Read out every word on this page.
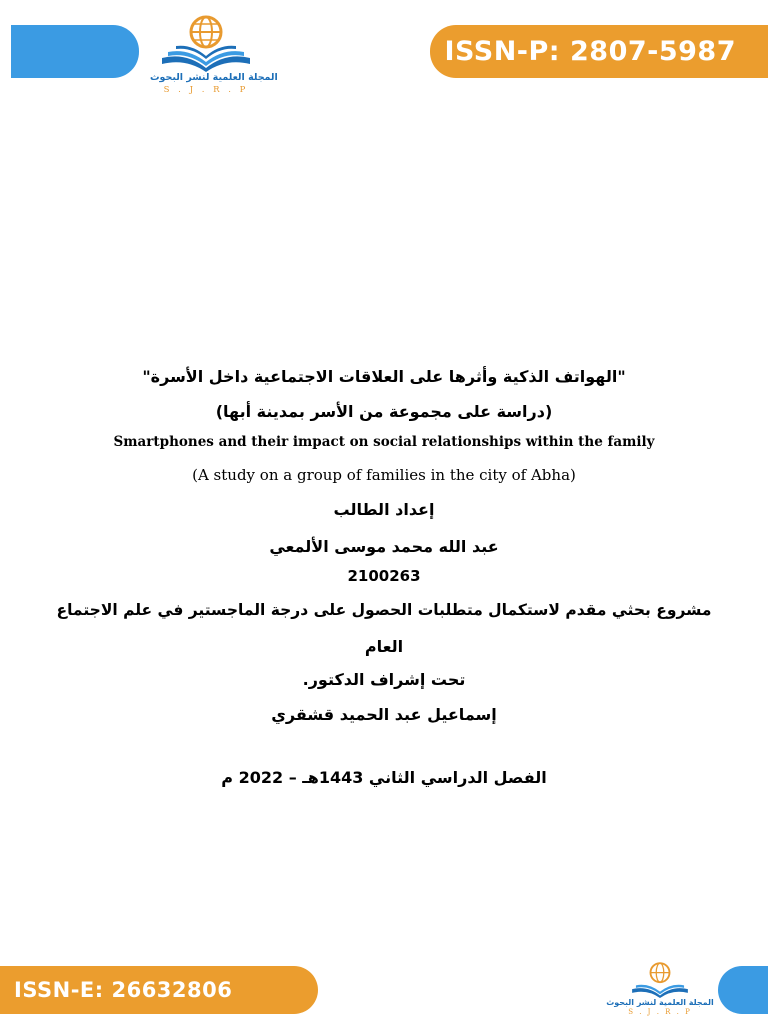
ISSN-P: 2807-5987
المجلة العلمية لنشر البحوث
S . J . R . P
"الهواتف الذكية وأثرها على العلاقات الاجتماعية داخل الأسرة"
(دراسة على مجموعة من الأسر بمدينة أبها)
Smartphones and their impact on social relationships within the family
(A study on a group of families in the city of Abha)
إعداد الطالب
عبد الله محمد موسى الألمعي
2100263
مشروع بحثي مقدم لاستكمال متطلبات الحصول على درجة الماجستير في علم الاجتماع
العام
تحت إشراف الدكتور.
إسماعيل عبد الحميد قشقري
الفصل الدراسي الثاني 1443هـ – 2022 م
ISSN-E: 26632806
المجلة العلمية لنشر البحوث
S . J . R . P
